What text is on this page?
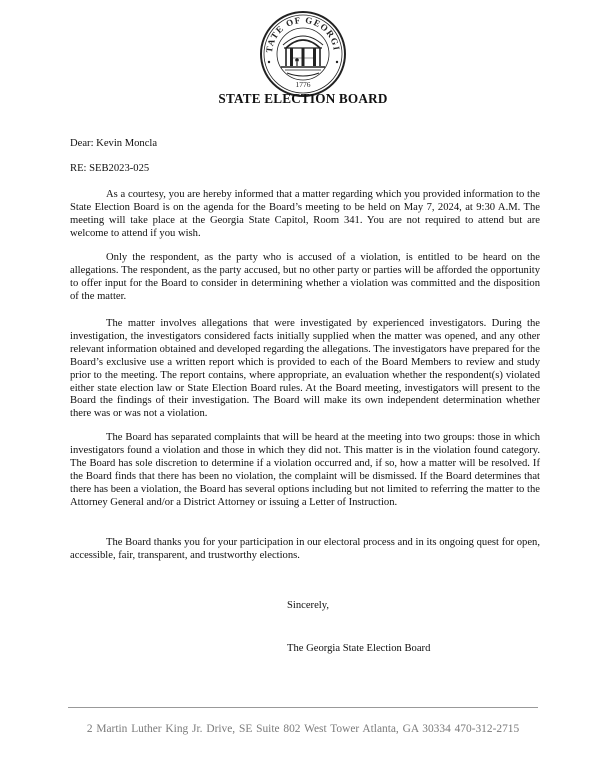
TATE OF GEORGI
1776
STATE ELECTION BOARD
Dear: Kevin Moncla
RE: SEB2023-025

As a courtesy, you are hereby informed that a matter regarding which you provided information to the State Election Board is on the agenda for the Board’s meeting to be held on May 7, 2024, at 9:30 A.M. The meeting will take place at the Georgia State Capitol, Room 341. You are not required to attend but are welcome to attend if you wish.

Only the respondent, as the party who is accused of a violation, is entitled to be heard on the allegations. The respondent, as the party accused, but no other party or parties will be afforded the opportunity to offer input for the Board to consider in determining whether a violation was committed and the disposition of the matter.

The matter involves allegations that were investigated by experienced investigators. During the investigation, the investigators considered facts initially supplied when the matter was opened, and any other relevant information obtained and developed regarding the allegations. The investigators have prepared for the Board’s exclusive use a written report which is provided to each of the Board Members to review and study prior to the meeting. The report contains, where appropriate, an evaluation whether the respondent(s) violated either state election law or State Election Board rules. At the Board meeting, investigators will present to the Board the findings of their investigation. The Board will make its own independent determination whether there was or was not a violation.

The Board has separated complaints that will be heard at the meeting into two groups: those in which investigators found a violation and those in which they did not. This matter is in the violation found category. The Board has sole discretion to determine if a violation occurred and, if so, how a matter will be resolved. If the Board finds that there has been no violation, the complaint will be dismissed. If the Board determines that there has been a violation, the Board has several options including but not limited to referring the matter to the Attorney General and/or a District Attorney or issuing a Letter of Instruction.

The Board thanks you for your participation in our electoral process and in its ongoing quest for open, accessible, fair, transparent, and trustworthy elections.

Sincerely,
The Georgia State Election Board
2 Martin Luther King Jr. Drive, SE Suite 802 West Tower Atlanta, GA 30334 470-312-2715
